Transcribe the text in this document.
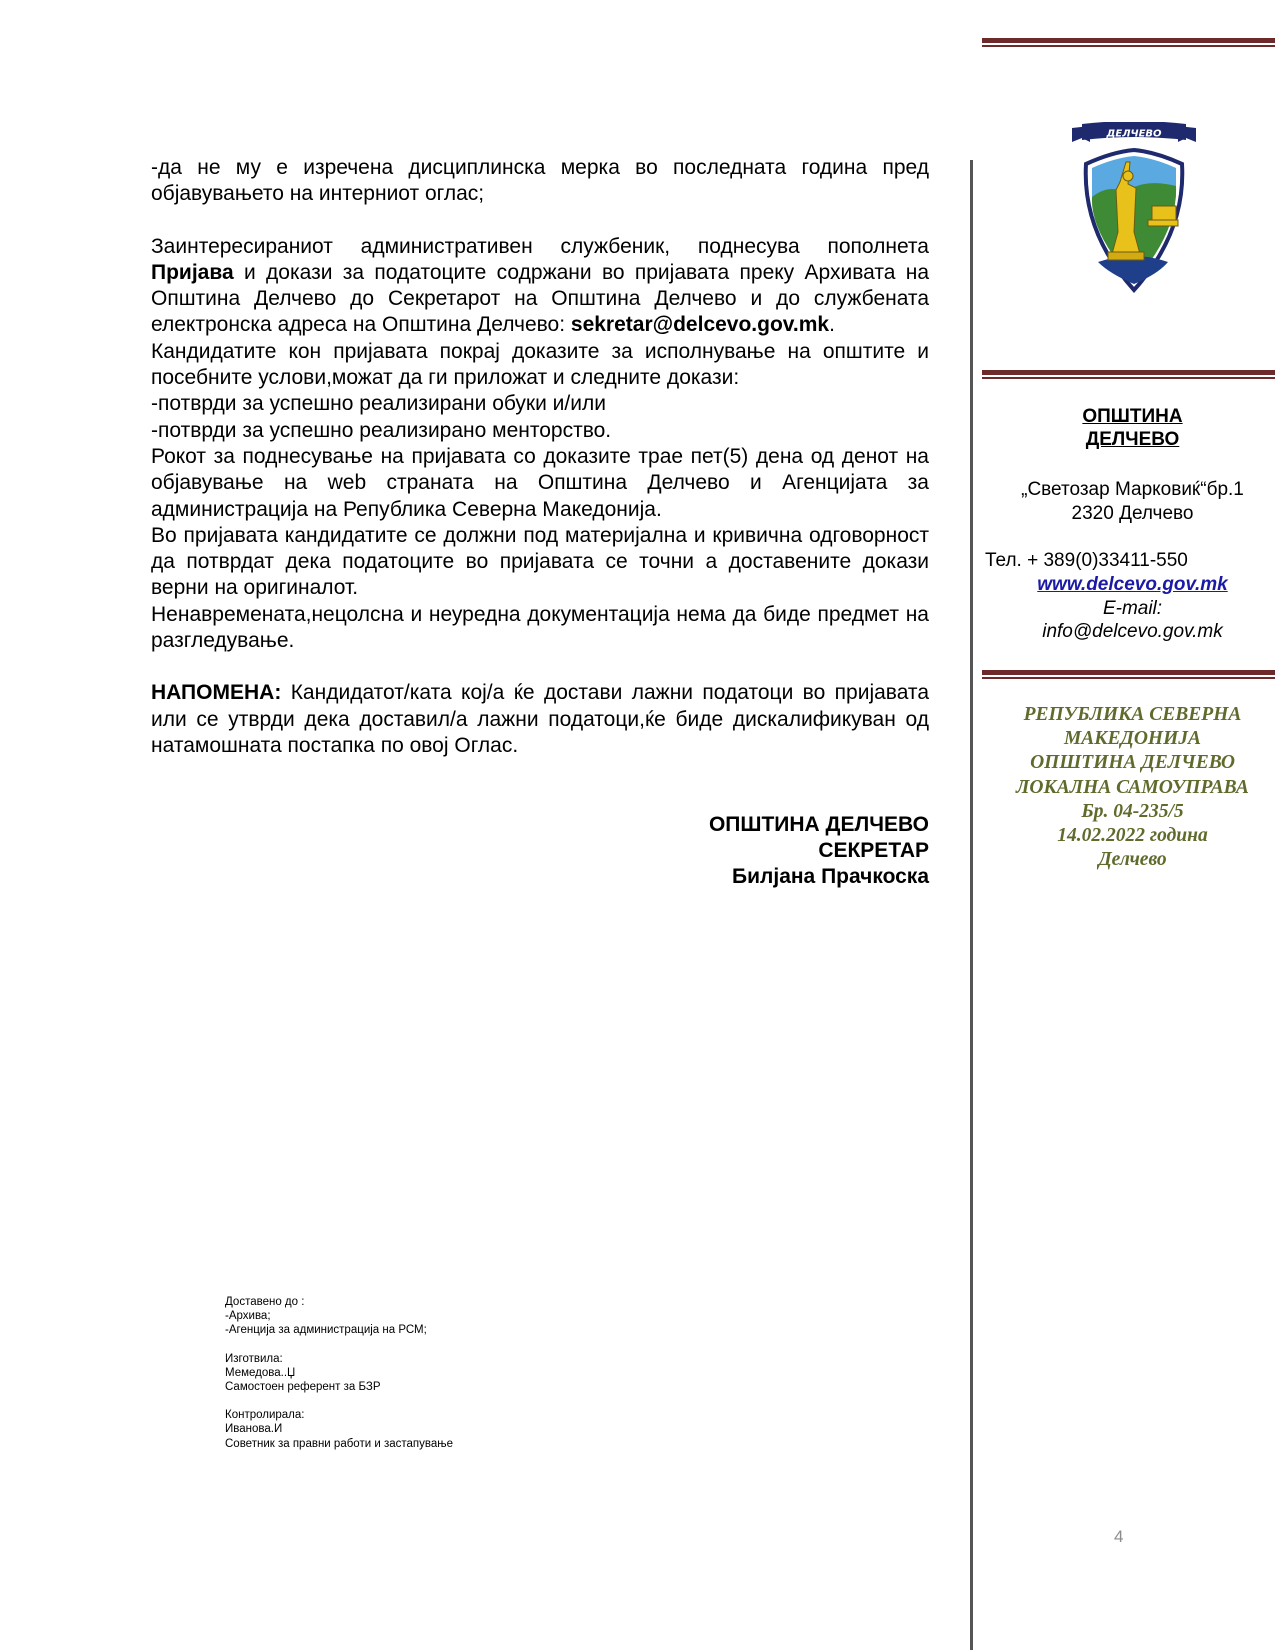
ДЕЛЧЕВО
ОПШТИНА
ДЕЛЧЕВО
„Светозар Марковиќ“бр.1
2320 Делчево
Тел. + 389(0)33411-550
www.delcevo.gov.mk
E-mail:
info@delcevo.gov.mk
РЕПУБЛИКА СЕВЕРНА
МАКЕДОНИЈА
ОПШТИНА ДЕЛЧЕВО
ЛОКАЛНА САМОУПРАВА
Бр. 04-235/5
14.02.2022 година
Делчево

-да не му е изречена дисциплинска мерка во последната година пред објавувањето на интерниот оглас;

Заинтересираниот административен службеник, поднесува пополнета Пријава и докази за податоците содржани во пријавата преку Архивата на Општина Делчево до Секретарот на Општина Делчево и до службената електронска адреса на Општина Делчево: sekretar@delcevo.gov.mk.

Кандидатите кон пријавата покрај доказите за исполнување на општите и посебните услови,можат да ги приложат и следните докази:

-потврди за успешно реализирани обуки и/или

-потврди за успешно реализирано менторство.

Рокот за поднесување на пријавата со доказите трае пет(5) дена од денот на објавување на web страната на Општина Делчево и Агенцијата за администрација на Република Северна Македонија.

Во пријавата кандидатите се должни под материјална и кривична одговорност да потврдат дека податоците во пријавата се точни а доставените докази верни на оригиналот.

Ненавремената,нецолсна и неуредна документација нема да биде предмет на разгледување.

НАПОМЕНА: Кандидатот/ката кој/а ќе достави лажни податоци во пријавата или се утврди дека доставил/а лажни податоци,ќе биде дискалификуван од натамошната постапка по овој Оглас.

ОПШТИНА ДЕЛЧЕВО
СЕКРЕТАР
Билјана Прачкоска
Доставено до :
-Архива;
-Агенција за администрација на РСМ;
Изготвила:
Мемедова..Џ
Самостоен референт за БЗР
Контролирала:
Иванова.И
Советник за правни работи и застапување
4
